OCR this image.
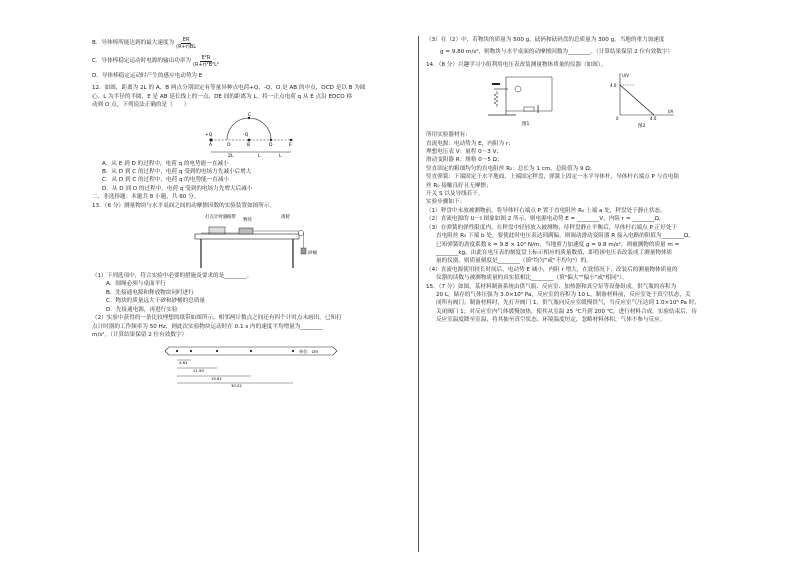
B．导体棒所能达到的最大速度为 $\frac{ER}{(R+r)BL}$
C．导体棒稳定运动时电源的输出功率为 $\frac{\text{E²R}}{\text{(R+r)²B²L²}}$
D．导体棒稳定运动时产生的感应电动势为 E
12．如图，距离为 2L 的 A、B 两点分别固定有等量异种点电荷+Q、-Q，O 是 AB 的中点，OCD 是以 B 为圆
心、L 为半径的半圆，E 是 AB 延长线上的一点，DE 间的距离为 L。将一正点电荷 q 从 E 点沿 EDCO 移
动到 O 点，下列说法正确的是（　　）
+Q	-Q
C
A	O	B	D	E
2L	L	L
A．从 E 到 D 的过程中，电荷 q 的电势能一直减小
B．从 D 到 C 的过程中，电荷 q 受到的电场力先减小后增大
C．从 D 到 C 的过程中，电荷 q 的电势能一直减小
D．从 D 到 O 的过程中，电荷 q 受到的电场力先增大后减小
二、非选择题：本题共 8 小题，共 60 分。
13．（6 分）测量物块与水平桌面之间的动摩擦因数的实验装置如图所示。
打点计时器 纸带
物块
滑轮
砂桶
（1）下列选项中，符合实验中必要的措施及要求的是________。
A．细绳必须与桌面平行
B．先接通电源和释放物块同时进行
C．物块的质量远大于砂和砂桶的总质量
D．先接通电源，再进行实验
（2）实验中获得的一条比较理想的纸带如图所示，相邻两计数点之间还有四个计时点未画出。已知打
点计时器的工作频率为 50 Hz，则此次实验物块运动时在 0.1 s 内的速度平均增量为________
m/s²。（计算结果保留 2 位有效数字）
单位：cm
4.61
11.90
19.81
30.42
（3）在（2）中，若物块的质量为 500 g，砝码和砝码盘的总质量为 300 g，当地的重力加速度
g = 9.80 m/s²，则物块与水平桌面的动摩擦因数为________。（计算结果保留 2 位有效数字）
14．（8 分）兴趣学习小组利用电压表改装测量物体质量的仪器（如图）。
图1
U/V
I/A
4.0
0	4.0
图2
所用实验器材有：
直流电源：电动势为 E，内阻为 r；
理想电压表 V：量程 0～3 V；
滑动变阻器 R：规格 0～5 Ω；
竖直固定的粗细均匀的直电阻丝 R₀：总长为 1 cm，总阻值为 9 Ω；
竖直弹簧：下端固定于水平地面，上端固定秤盘，弹簧上固定一水平导体杆，导体杆右端点 P 与直电阻
丝 R₀ 接触良好且无摩擦；
开关 S 以及导线若干。
实验步骤如下：
（1）秤盘中未放被测物前，将导体杆右端点 P 置于直电阻丝 R₀ 上端 a 处，秤盘处于静止状态。
（2）直流电源的 U－I 图象如图 2 所示，则电源电动势 E = ________V，内阻 r = ________Ω。
（3）在弹簧的弹性限度内，在秤盘中轻轻放入被测物，待秤盘静止平衡后，导体杆右端点 P 正好处于
直电阻丝 R₀ 下端 b 处，要使此时电压表达到满偏，则调动滑动变阻器 R 接入电路的阻值为________Ω。
已知弹簧的劲度系数 k = 9.8 × 10³ N/m，当地重力加速度 g = 9.8 m/s²，则被测物的质量 m =
________kg。由此在电压表的刻度盘上标示相应的质量数值，即将该电压表改装成了测量物体质
量的仪器，则质量刻度是________（填"均匀"或"不均匀"）的。
（4）直流电源使用较长时间后，电动势 E 减小，内阻 r 增大，在此情况下，改装后的测量物体质量的
仪器的读数与被测物质量的真实值相比________（填"偏大""偏小"或"相同"）。
15．（7 分）如图，某材料制备系统由供气瓶、反应室、加热器和真空泵等设备组成。供气瓶的容积为
20 L，储存的气体压强为 3.0×10⁵ Pa，反应室的容积为 10 L。制备材料前，反应室处于真空状态，关
闭所有阀门。制备材料时，先打开阀门 1，供气瓶向反应室缓慢供气，当反应室气压达到 1.0×10⁵ Pa 时，
关闭阀门 1；对反应室内气体缓慢加热，使其从室温 25 ℃升到 200 ℃，进行材料合成。实验结束后，待
反应室温度降至室温，将其抽至真空状态。环境温度恒定，忽略材料体积，气体不参与反应。
